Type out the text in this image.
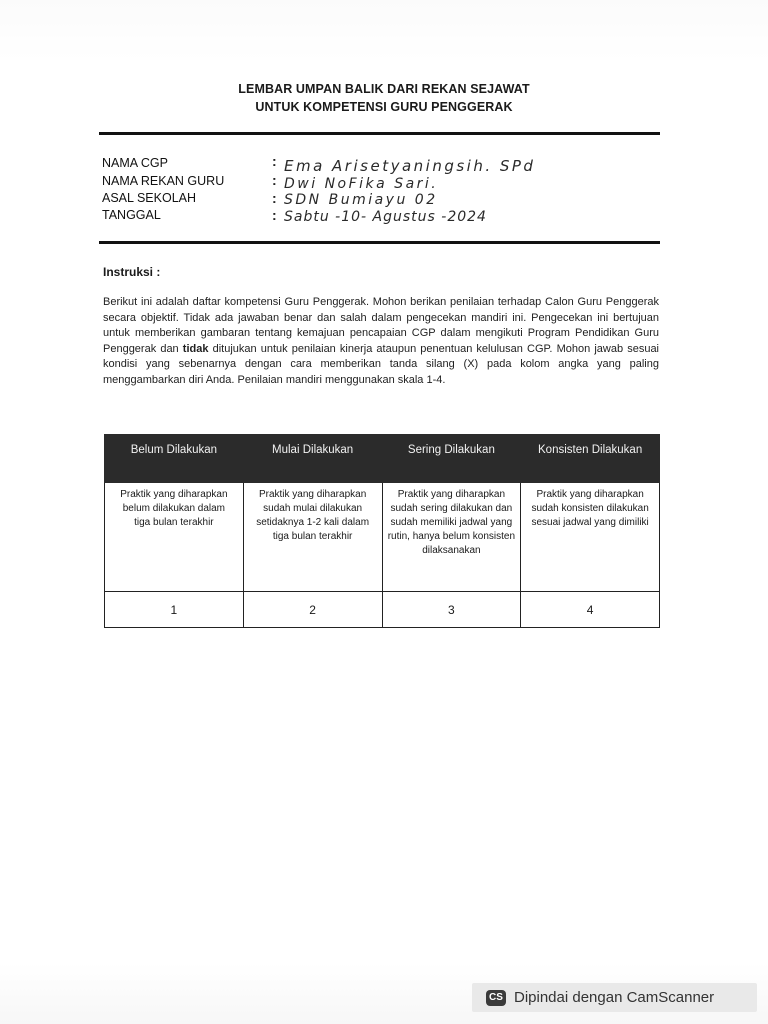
LEMBAR UMPAN BALIK DARI REKAN SEJAWAT
UNTUK KOMPETENSI GURU PENGGERAK
NAMA CGP	: Ema Arisetyaningsih. SPd
NAMA REKAN GURU	: Dwi NoFika Sari.
ASAL SEKOLAH	: SDN Bumiayu 02
TANGGAL	: Sabtu -10- Agustus -2024
Instruksi :
Berikut ini adalah daftar kompetensi Guru Penggerak. Mohon berikan penilaian terhadap Calon Guru Penggerak secara objektif. Tidak ada jawaban benar dan salah dalam pengecekan mandiri ini. Pengecekan ini bertujuan untuk memberikan gambaran tentang kemajuan pencapaian CGP dalam mengikuti Program Pendidikan Guru Penggerak dan tidak ditujukan untuk penilaian kinerja ataupun penentuan kelulusan CGP. Mohon jawab sesuai kondisi yang sebenarnya dengan cara memberikan tanda silang (X) pada kolom angka yang paling menggambarkan diri Anda. Penilaian mandiri menggunakan skala 1-4.
Belum Dilakukan	Mulai Dilakukan	Sering Dilakukan	Konsisten Dilakukan
Praktik yang diharapkan belum dilakukan dalam tiga bulan terakhir	Praktik yang diharapkan sudah mulai dilakukan setidaknya 1-2 kali dalam tiga bulan terakhir	Praktik yang diharapkan sudah sering dilakukan dan sudah memiliki jadwal yang rutin, hanya belum konsisten dilaksanakan	Praktik yang diharapkan sudah konsisten dilakukan sesuai jadwal yang dimiliki
1	2	3	4
CS Dipindai dengan CamScanner
